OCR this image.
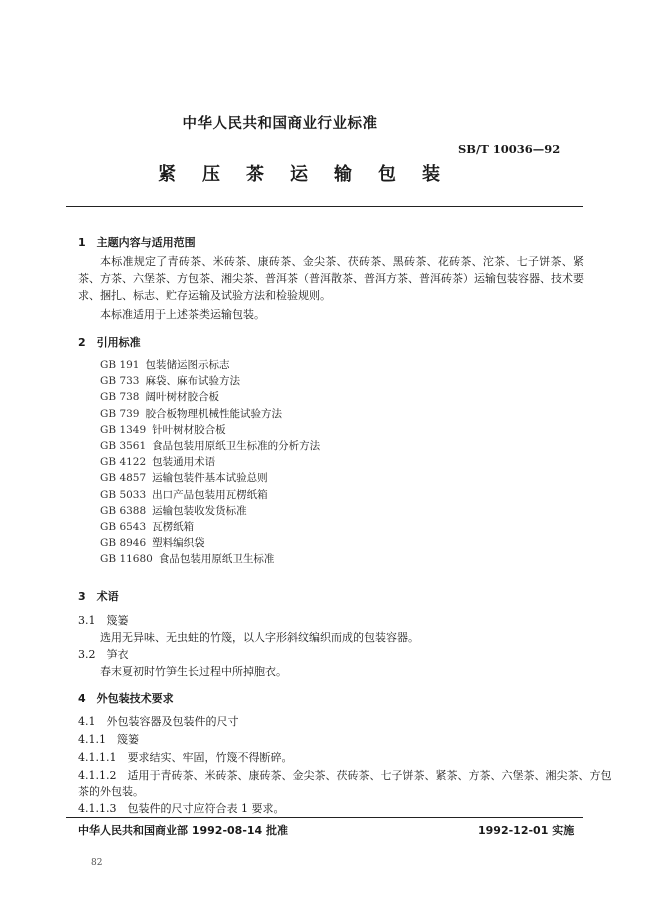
中华人民共和国商业行业标准
SB/T 10036—92
紧压茶运输包装
1　主题内容与适用范围
本标准规定了青砖茶、米砖茶、康砖茶、金尖茶、茯砖茶、黑砖茶、花砖茶、沱茶、七子饼茶、紧茶、方茶、六堡茶、方包茶、湘尖茶、普洱茶（普洱散茶、普洱方茶、普洱砖茶）运输包装容器、技术要求、捆扎、标志、贮存运输及试验方法和检验规则。
本标准适用于上述茶类运输包装。
2　引用标准
GB 191 包装储运图示标志
GB 733 麻袋、麻布试验方法
GB 738 阔叶树材胶合板
GB 739 胶合板物理机械性能试验方法
GB 1349 针叶树材胶合板
GB 3561 食品包装用原纸卫生标准的分析方法
GB 4122 包装通用术语
GB 4857 运输包装件基本试验总则
GB 5033 出口产品包装用瓦楞纸箱
GB 6388 运输包装收发货标准
GB 6543 瓦楞纸箱
GB 8946 塑料编织袋
GB 11680 食品包装用原纸卫生标准
3　术语
3.1　篾篓
选用无异味、无虫蛀的竹篾，以人字形斜纹编织而成的包装容器。
3.2　笋衣
春末夏初时竹笋生长过程中所掉胞衣。
4　外包装技术要求
4.1　外包装容器及包装件的尺寸
4.1.1　篾篓
4.1.1.1　要求结实、牢固，竹篾不得断碎。
4.1.1.2　适用于青砖茶、米砖茶、康砖茶、金尖茶、茯砖茶、七子饼茶、紧茶、方茶、六堡茶、湘尖茶、方包
茶的外包装。
4.1.1.3　包装件的尺寸应符合表 1 要求。
中华人民共和国商业部 1992-08-14 批准	1992-12-01 实施
82
